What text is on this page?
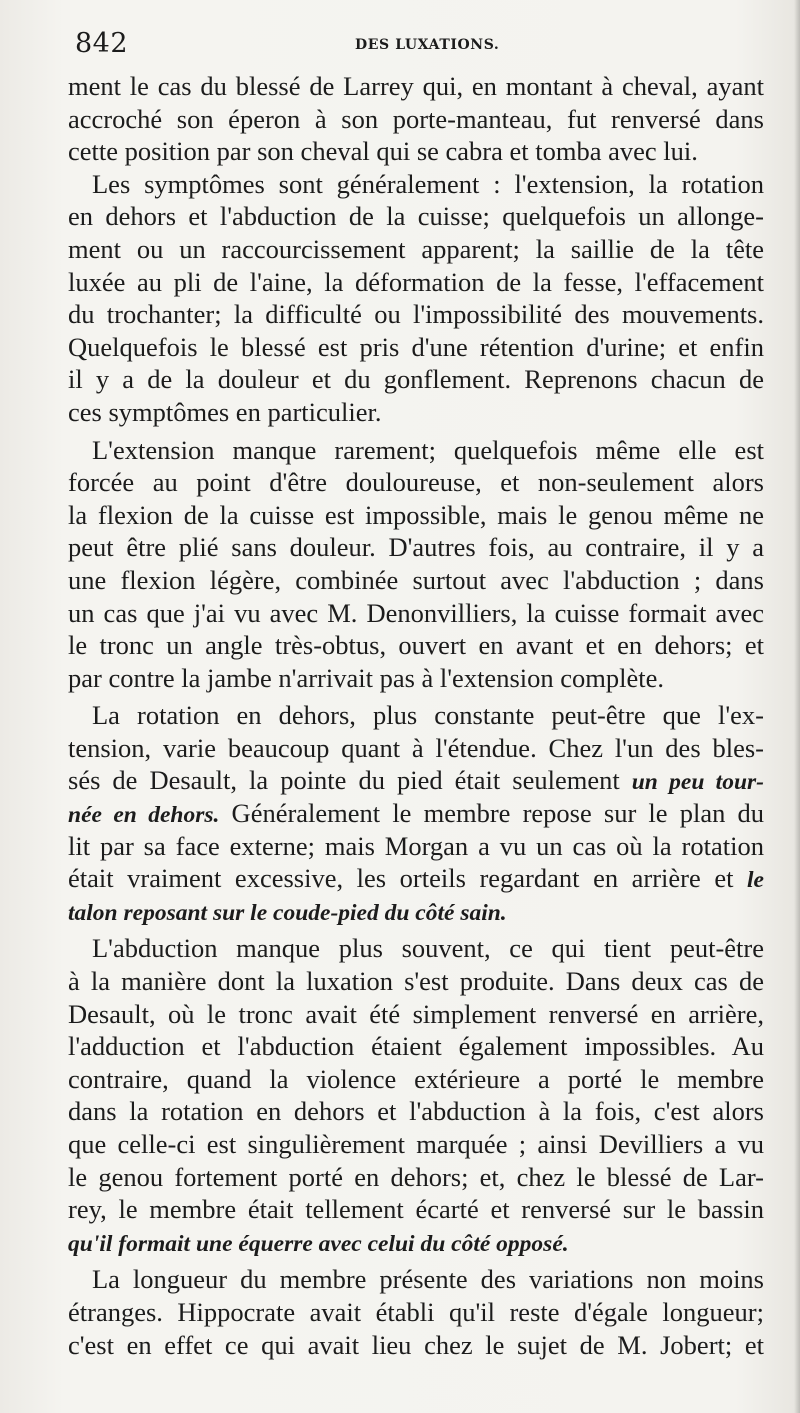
842	DES LUXATIONS.
ment le cas du blessé de Larrey qui, en montant à cheval, ayant
accroché son éperon à son porte-manteau, fut renversé dans
cette position par son cheval qui se cabra et tomba avec lui.
Les symptômes sont généralement : l'extension, la rotation
en dehors et l'abduction de la cuisse; quelquefois un allonge-
ment ou un raccourcissement apparent; la saillie de la tête
luxée au pli de l'aine, la déformation de la fesse, l'effacement
du trochanter; la difficulté ou l'impossibilité des mouvements.
Quelquefois le blessé est pris d'une rétention d'urine; et enfin
il y a de la douleur et du gonflement. Reprenons chacun de
ces symptômes en particulier.
L'extension manque rarement; quelquefois même elle est
forcée au point d'être douloureuse, et non-seulement alors
la flexion de la cuisse est impossible, mais le genou même ne
peut être plié sans douleur. D'autres fois, au contraire, il y a
une flexion légère, combinée surtout avec l'abduction ; dans
un cas que j'ai vu avec M. Denonvilliers, la cuisse formait avec
le tronc un angle très-obtus, ouvert en avant et en dehors; et
par contre la jambe n'arrivait pas à l'extension complète.
La rotation en dehors, plus constante peut-être que l'ex-
tension, varie beaucoup quant à l'étendue. Chez l'un des bles-
sés de Desault, la pointe du pied était seulement un peu tour-
née en dehors. Généralement le membre repose sur le plan du
lit par sa face externe; mais Morgan a vu un cas où la rotation
était vraiment excessive, les orteils regardant en arrière et le
talon reposant sur le coude-pied du côté sain.
L'abduction manque plus souvent, ce qui tient peut-être
à la manière dont la luxation s'est produite. Dans deux cas de
Desault, où le tronc avait été simplement renversé en arrière,
l'adduction et l'abduction étaient également impossibles. Au
contraire, quand la violence extérieure a porté le membre
dans la rotation en dehors et l'abduction à la fois, c'est alors
que celle-ci est singulièrement marquée ; ainsi Devilliers a vu
le genou fortement porté en dehors; et, chez le blessé de Lar-
rey, le membre était tellement écarté et renversé sur le bassin
qu'il formait une équerre avec celui du côté opposé.
La longueur du membre présente des variations non moins
étranges. Hippocrate avait établi qu'il reste d'égale longueur;
c'est en effet ce qui avait lieu chez le sujet de M. Jobert; et
